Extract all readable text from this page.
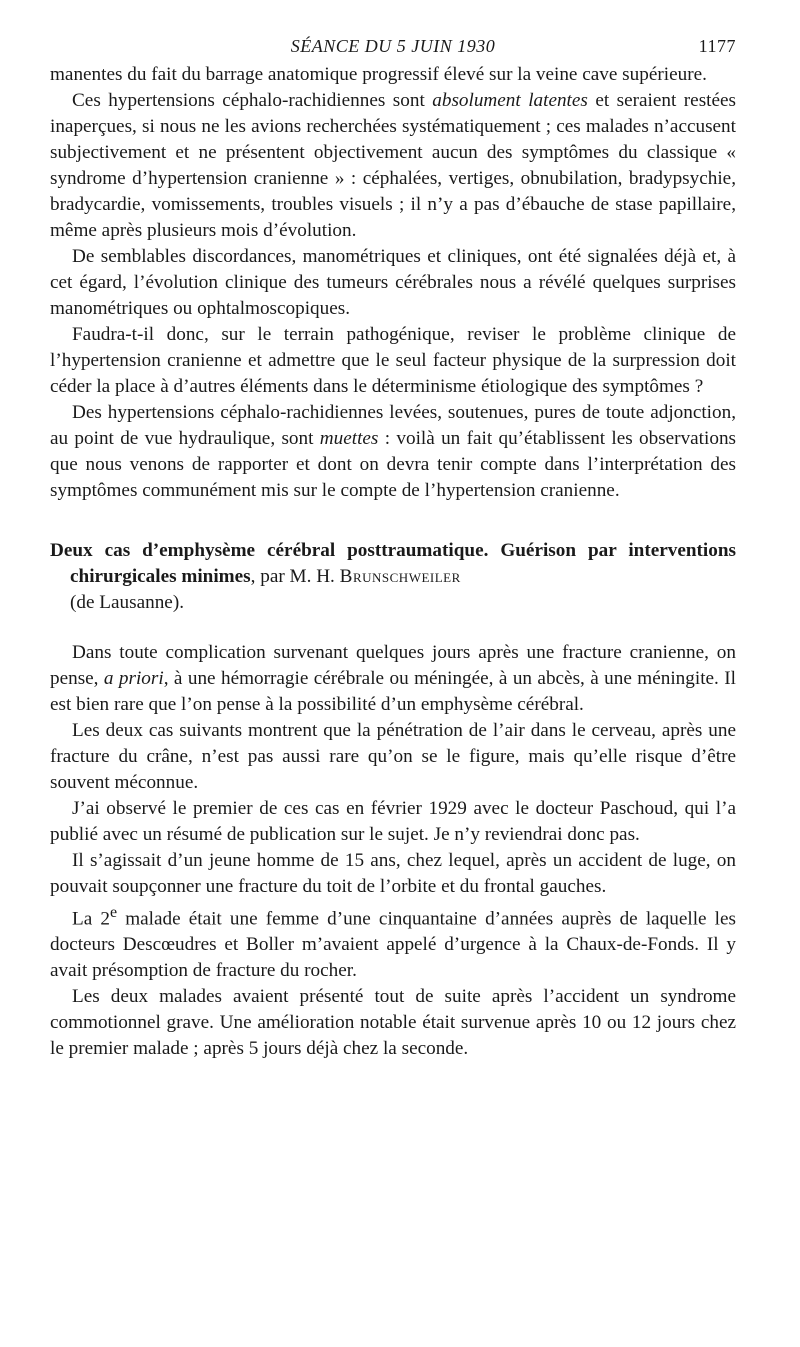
SÉANCE DU 5 JUIN 1930	1177

manentes du fait du barrage anatomique progressif élevé sur la veine cave supérieure.

Ces hypertensions céphalo-rachidiennes sont absolument latentes et seraient restées inaperçues, si nous ne les avions recherchées systématiquement ; ces malades n’accusent subjectivement et ne présentent objectivement aucun des symptômes du classique « syndrome d’hypertension cranienne » : céphalées, vertiges, obnubilation, bradypsychie, bradycardie, vomissements, troubles visuels ; il n’y a pas d’ébauche de stase papillaire, même après plusieurs mois d’évolution.

De semblables discordances, manométriques et cliniques, ont été signalées déjà et, à cet égard, l’évolution clinique des tumeurs cérébrales nous a révélé quelques surprises manométriques ou ophtalmoscopiques.

Faudra-t-il donc, sur le terrain pathogénique, reviser le problème clinique de l’hypertension cranienne et admettre que le seul facteur physique de la surpression doit céder la place à d’autres éléments dans le déterminisme étiologique des symptômes ?

Des hypertensions céphalo-rachidiennes levées, soutenues, pures de toute adjonction, au point de vue hydraulique, sont muettes : voilà un fait qu’établissent les observations que nous venons de rapporter et dont on devra tenir compte dans l’interprétation des symptômes communément mis sur le compte de l’hypertension cranienne.

Deux cas d’emphysème cérébral posttraumatique. Guérison par interventions chirurgicales minimes, par M. H. Brunschweiler
(de Lausanne).

Dans toute complication survenant quelques jours après une fracture cranienne, on pense, a priori, à une hémorragie cérébrale ou méningée, à un abcès, à une méningite. Il est bien rare que l’on pense à la possibilité d’un emphysème cérébral.

Les deux cas suivants montrent que la pénétration de l’air dans le cerveau, après une fracture du crâne, n’est pas aussi rare qu’on se le figure, mais qu’elle risque d’être souvent méconnue.

J’ai observé le premier de ces cas en février 1929 avec le docteur Paschoud, qui l’a publié avec un résumé de publication sur le sujet. Je n’y reviendrai donc pas.

Il s’agissait d’un jeune homme de 15 ans, chez lequel, après un accident de luge, on pouvait soupçonner une fracture du toit de l’orbite et du frontal gauches.

La 2e malade était une femme d’une cinquantaine d’années auprès de laquelle les docteurs Descœudres et Boller m’avaient appelé d’urgence à la Chaux-de-Fonds. Il y avait présomption de fracture du rocher.

Les deux malades avaient présenté tout de suite après l’accident un syndrome commotionnel grave. Une amélioration notable était survenue après 10 ou 12 jours chez le premier malade ; après 5 jours déjà chez la seconde.
